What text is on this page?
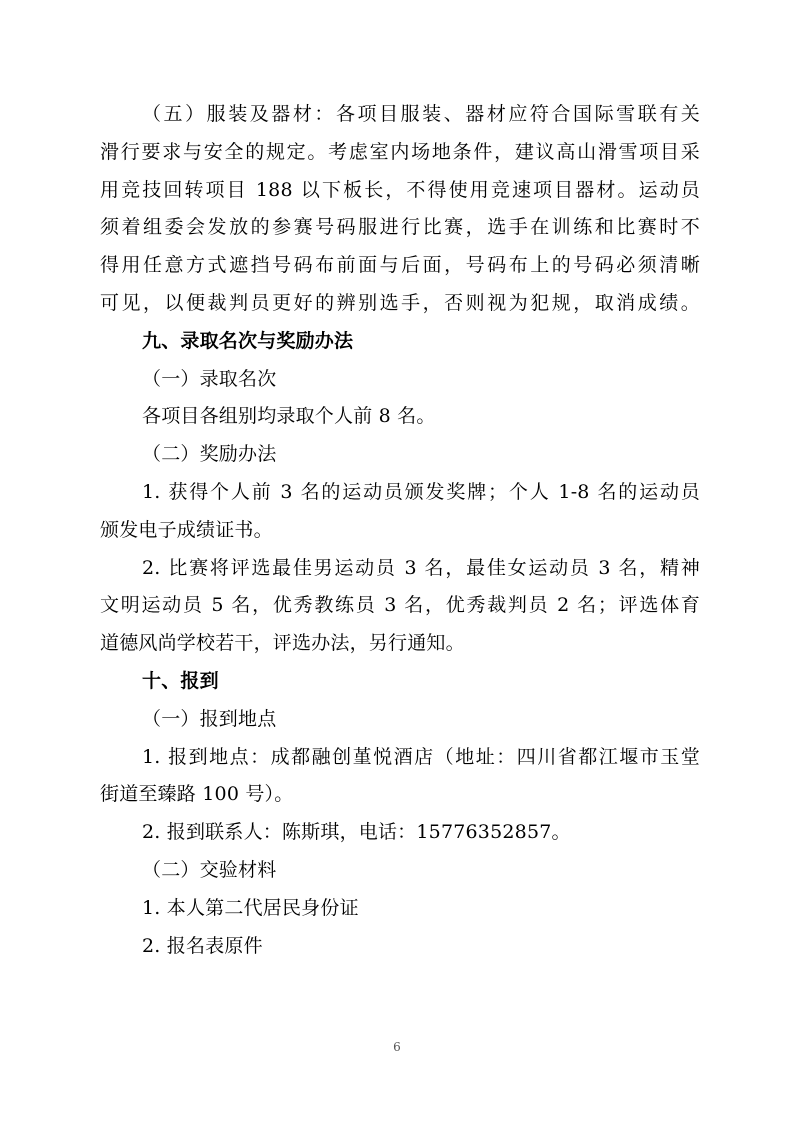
（五）服装及器材：各项目服装、器材应符合国际雪联有关
滑行要求与安全的规定。考虑室内场地条件，建议高山滑雪项目采
用竞技回转项目 188 以下板长，不得使用竞速项目器材。运动员
须着组委会发放的参赛号码服进行比赛，选手在训练和比赛时不
得用任意方式遮挡号码布前面与后面，号码布上的号码必须清晰
可见，以便裁判员更好的辨别选手，否则视为犯规，取消成绩。
九、录取名次与奖励办法
（一）录取名次
各项目各组别均录取个人前 8 名。
（二）奖励办法
1. 获得个人前 3 名的运动员颁发奖牌；个人 1-8 名的运动员
颁发电子成绩证书。
2. 比赛将评选最佳男运动员 3 名，最佳女运动员 3 名，精神
文明运动员 5 名，优秀教练员 3 名，优秀裁判员 2 名；评选体育
道德风尚学校若干，评选办法，另行通知。
十、报到
（一）报到地点
1. 报到地点：成都融创堇悦酒店（地址：四川省都江堰市玉堂
街道至臻路 100 号）。
2. 报到联系人：陈斯琪，电话：15776352857。
（二）交验材料
1. 本人第二代居民身份证
2. 报名表原件
6
